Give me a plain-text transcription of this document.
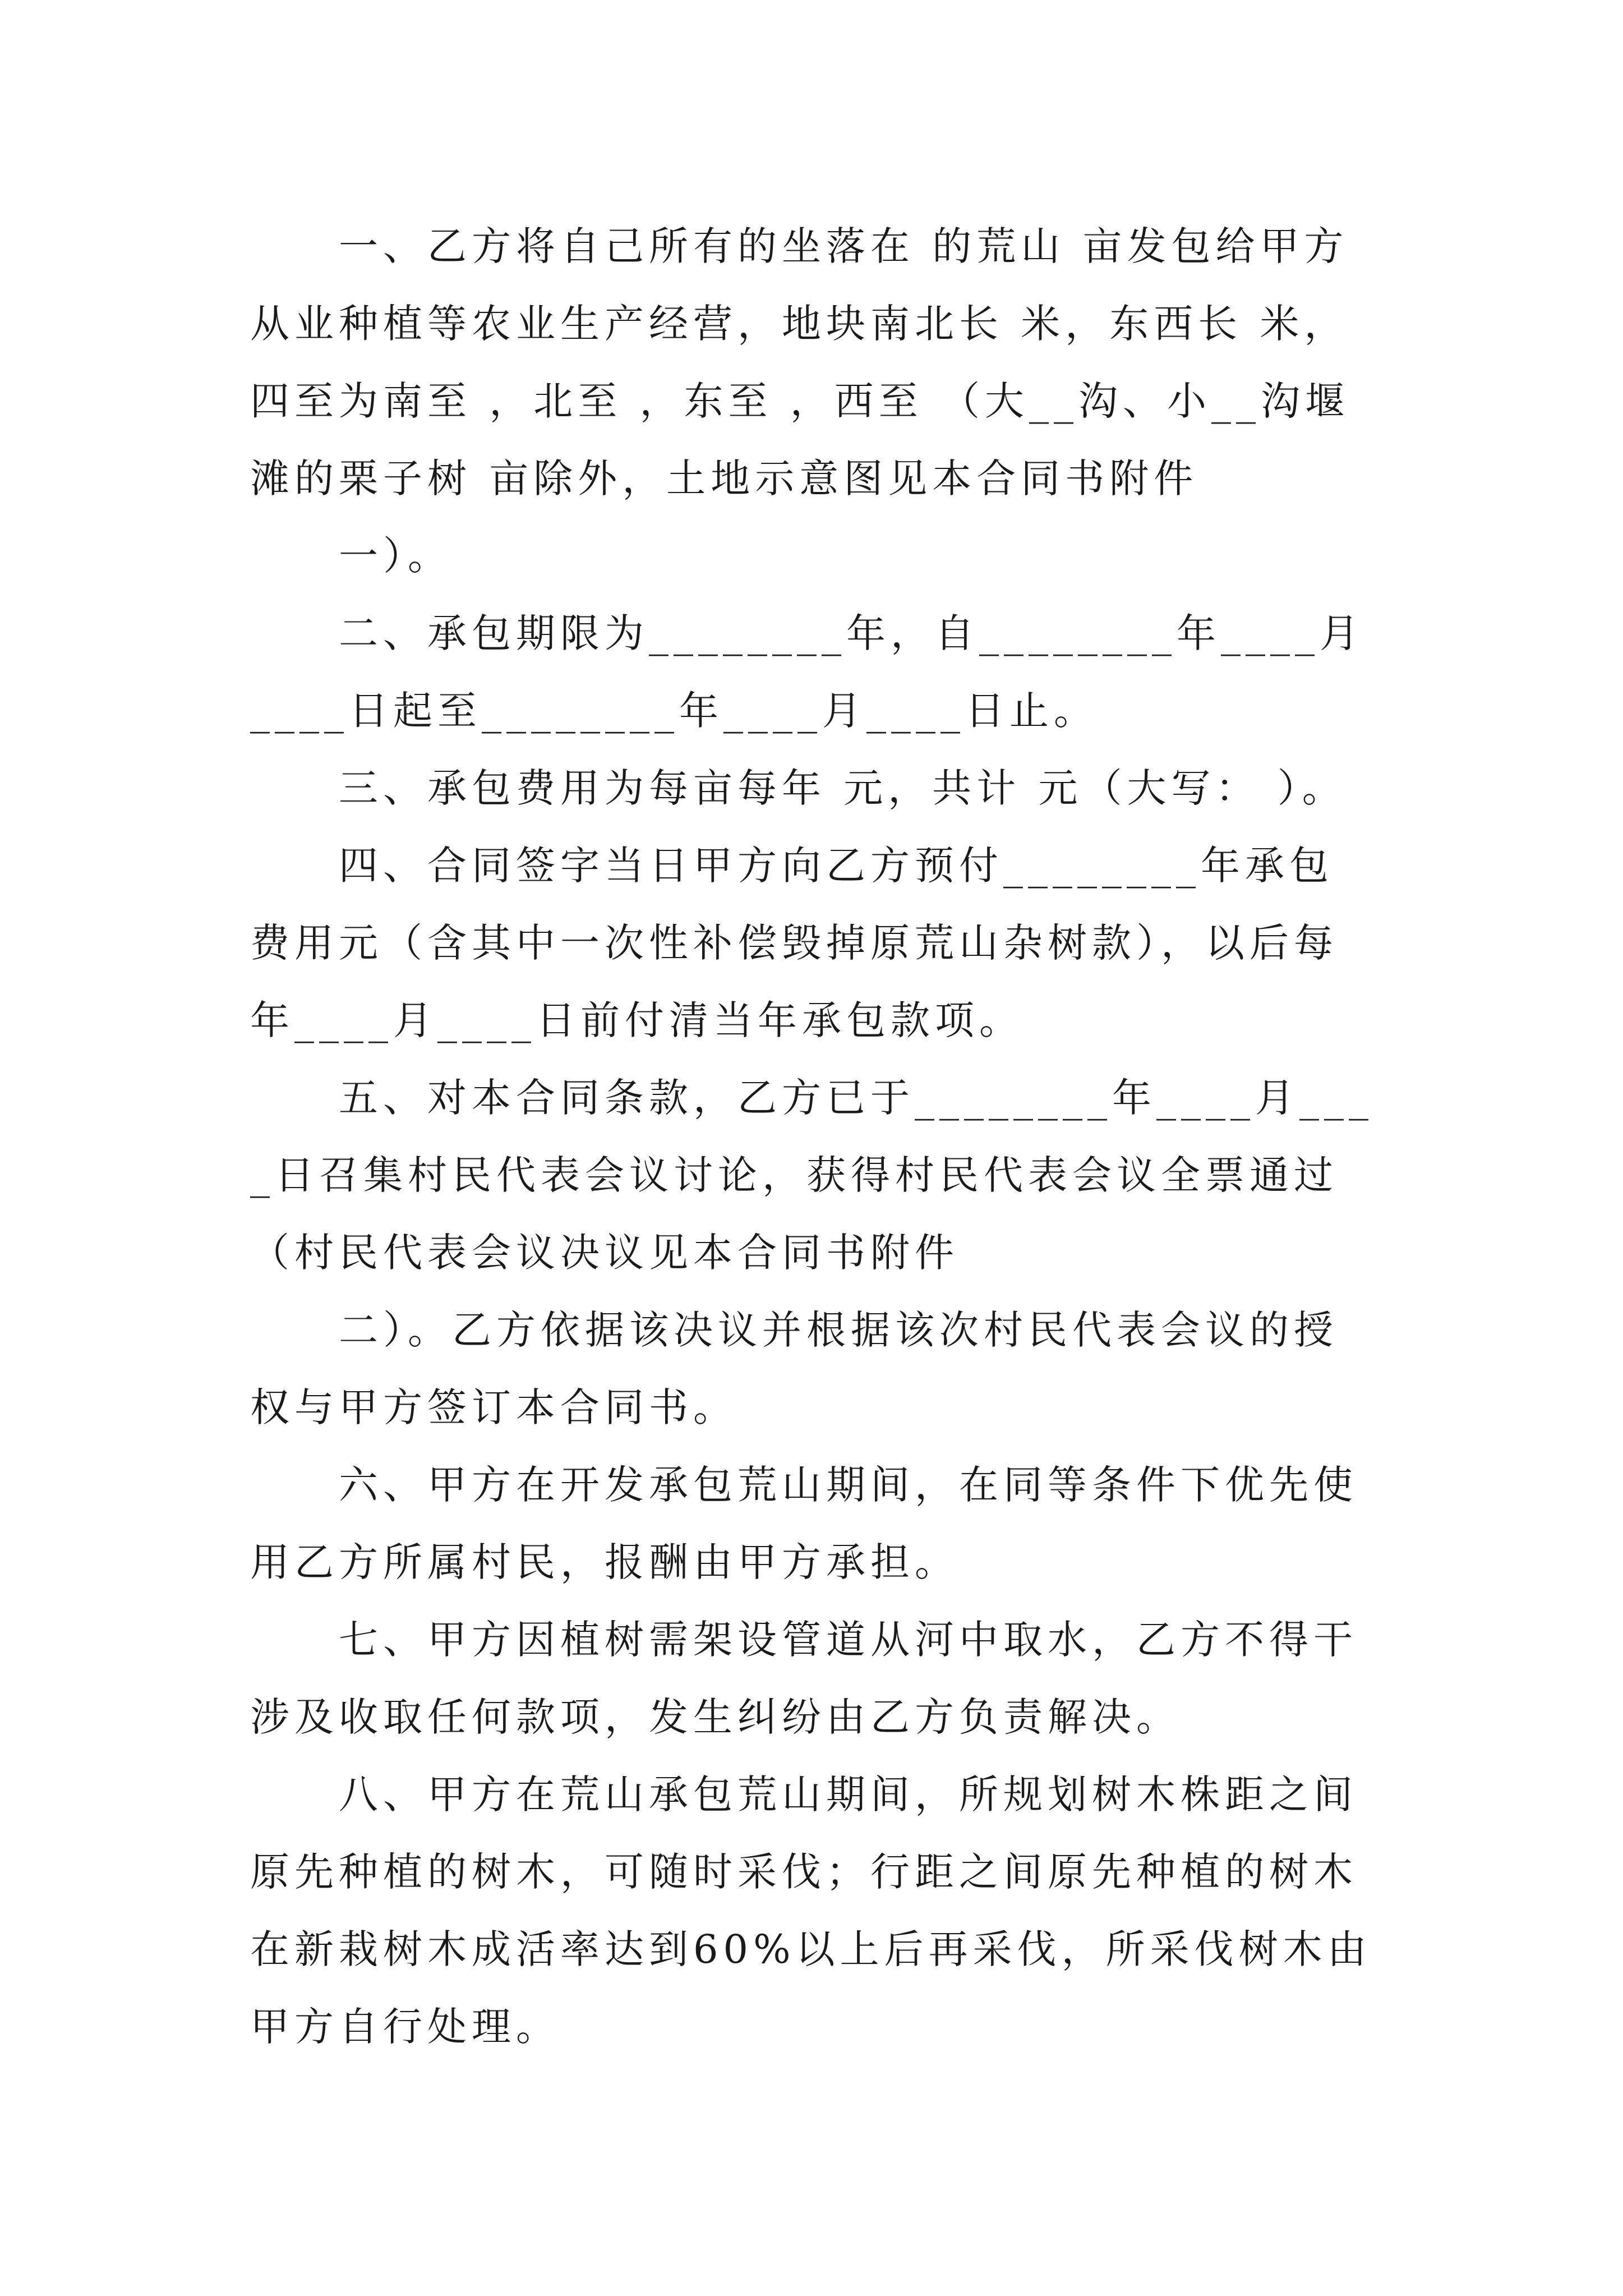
一、乙方将自己所有的坐落在 的荒山 亩发包给甲方从业种植等农业生产经营，地块南北长 米，东西长 米，四至为南至 ，北至 ，东至 ，西至 （大__沟、小__沟堰滩的栗子树 亩除外，土地示意图见本合同书附件

一）。

二、承包期限为________年，自________年____月____日起至________年____月____日止。

三、承包费用为每亩每年 元，共计 元（大写： ）。

四、合同签字当日甲方向乙方预付________年承包费用元（含其中一次性补偿毁掉原荒山杂树款），以后每年____月____日前付清当年承包款项。

五、对本合同条款，乙方已于________年____月____日召集村民代表会议讨论，获得村民代表会议全票通过（村民代表会议决议见本合同书附件

二）。乙方依据该决议并根据该次村民代表会议的授权与甲方签订本合同书。

六、甲方在开发承包荒山期间，在同等条件下优先使用乙方所属村民，报酬由甲方承担。

七、甲方因植树需架设管道从河中取水，乙方不得干涉及收取任何款项，发生纠纷由乙方负责解决。

八、甲方在荒山承包荒山期间，所规划树木株距之间原先种植的树木，可随时采伐；行距之间原先种植的树木在新栽树木成活率达到60%以上后再采伐，所采伐树木由甲方自行处理。
